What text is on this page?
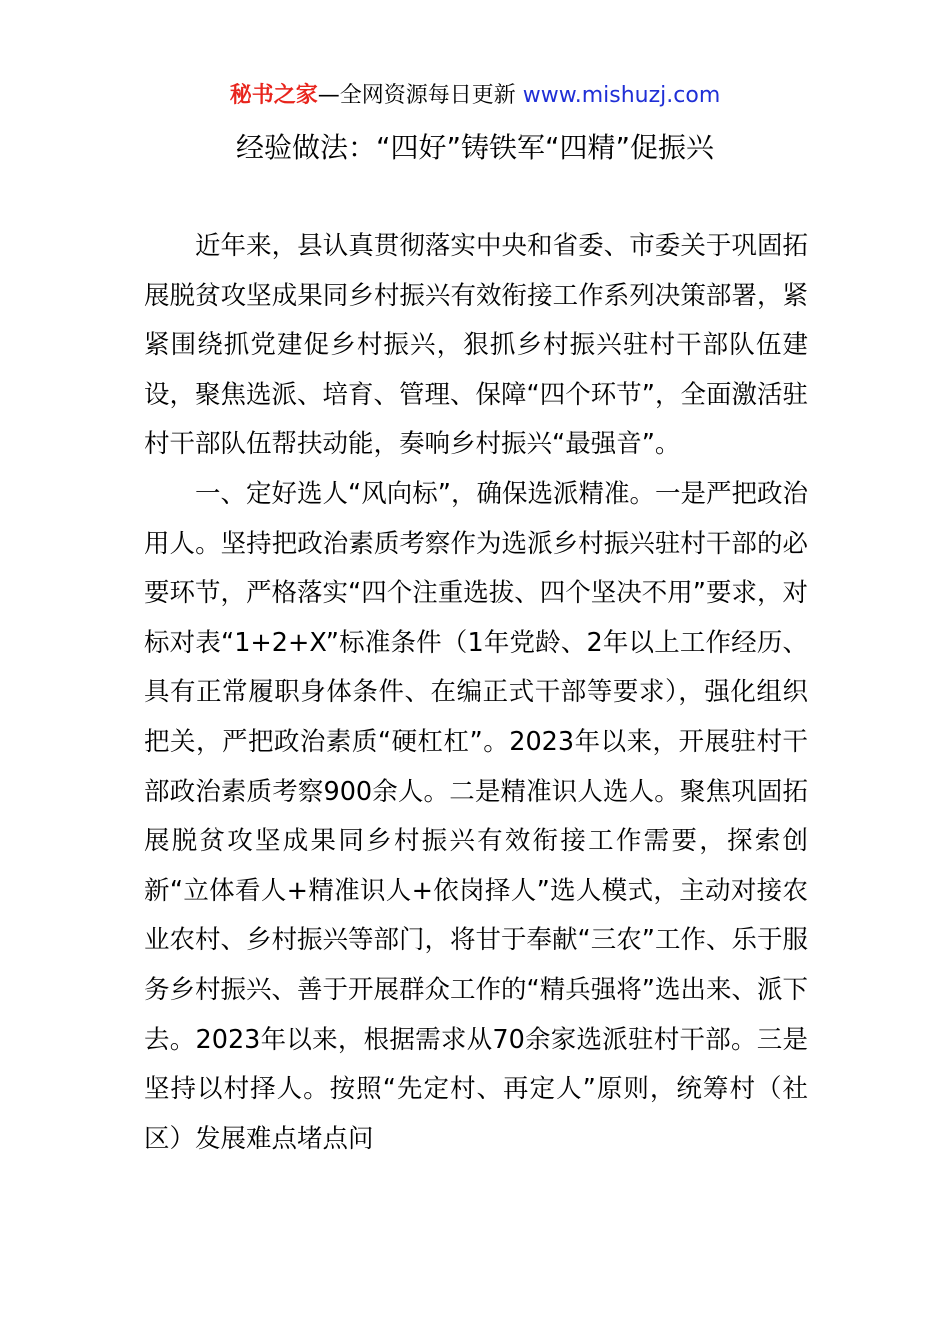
秘书之家—全网资源每日更新 www.mishuzj.com
经验做法：“四好”铸铁军“四精”促振兴

近年来，县认真贯彻落实中央和省委、市委关于巩固拓展脱贫攻坚成果同乡村振兴有效衔接工作系列决策部署，紧紧围绕抓党建促乡村振兴，狠抓乡村振兴驻村干部队伍建设，聚焦选派、培育、管理、保障“四个环节”，全面激活驻村干部队伍帮扶动能，奏响乡村振兴“最强音”。

一、定好选人“风向标”，确保选派精准。一是严把政治用人。坚持把政治素质考察作为选派乡村振兴驻村干部的必要环节，严格落实“四个注重选拔、四个坚决不用”要求，对标对表“1+2+X”标准条件（1年党龄、2年以上工作经历、具有正常履职身体条件、在编正式干部等要求），强化组织把关，严把政治素质“硬杠杠”。2023年以来，开展驻村干部政治素质考察900余人。二是精准识人选人。聚焦巩固拓展脱贫攻坚成果同乡村振兴有效衔接工作需要，探索创新“立体看人+精准识人+依岗择人”选人模式，主动对接农业农村、乡村振兴等部门，将甘于奉献“三农”工作、乐于服务乡村振兴、善于开展群众工作的“精兵强将”选出来、派下去。2023年以来，根据需求从70余家选派驻村干部。三是坚持以村择人。按照“先定村、再定人”原则，统筹村（社区）发展难点堵点问
